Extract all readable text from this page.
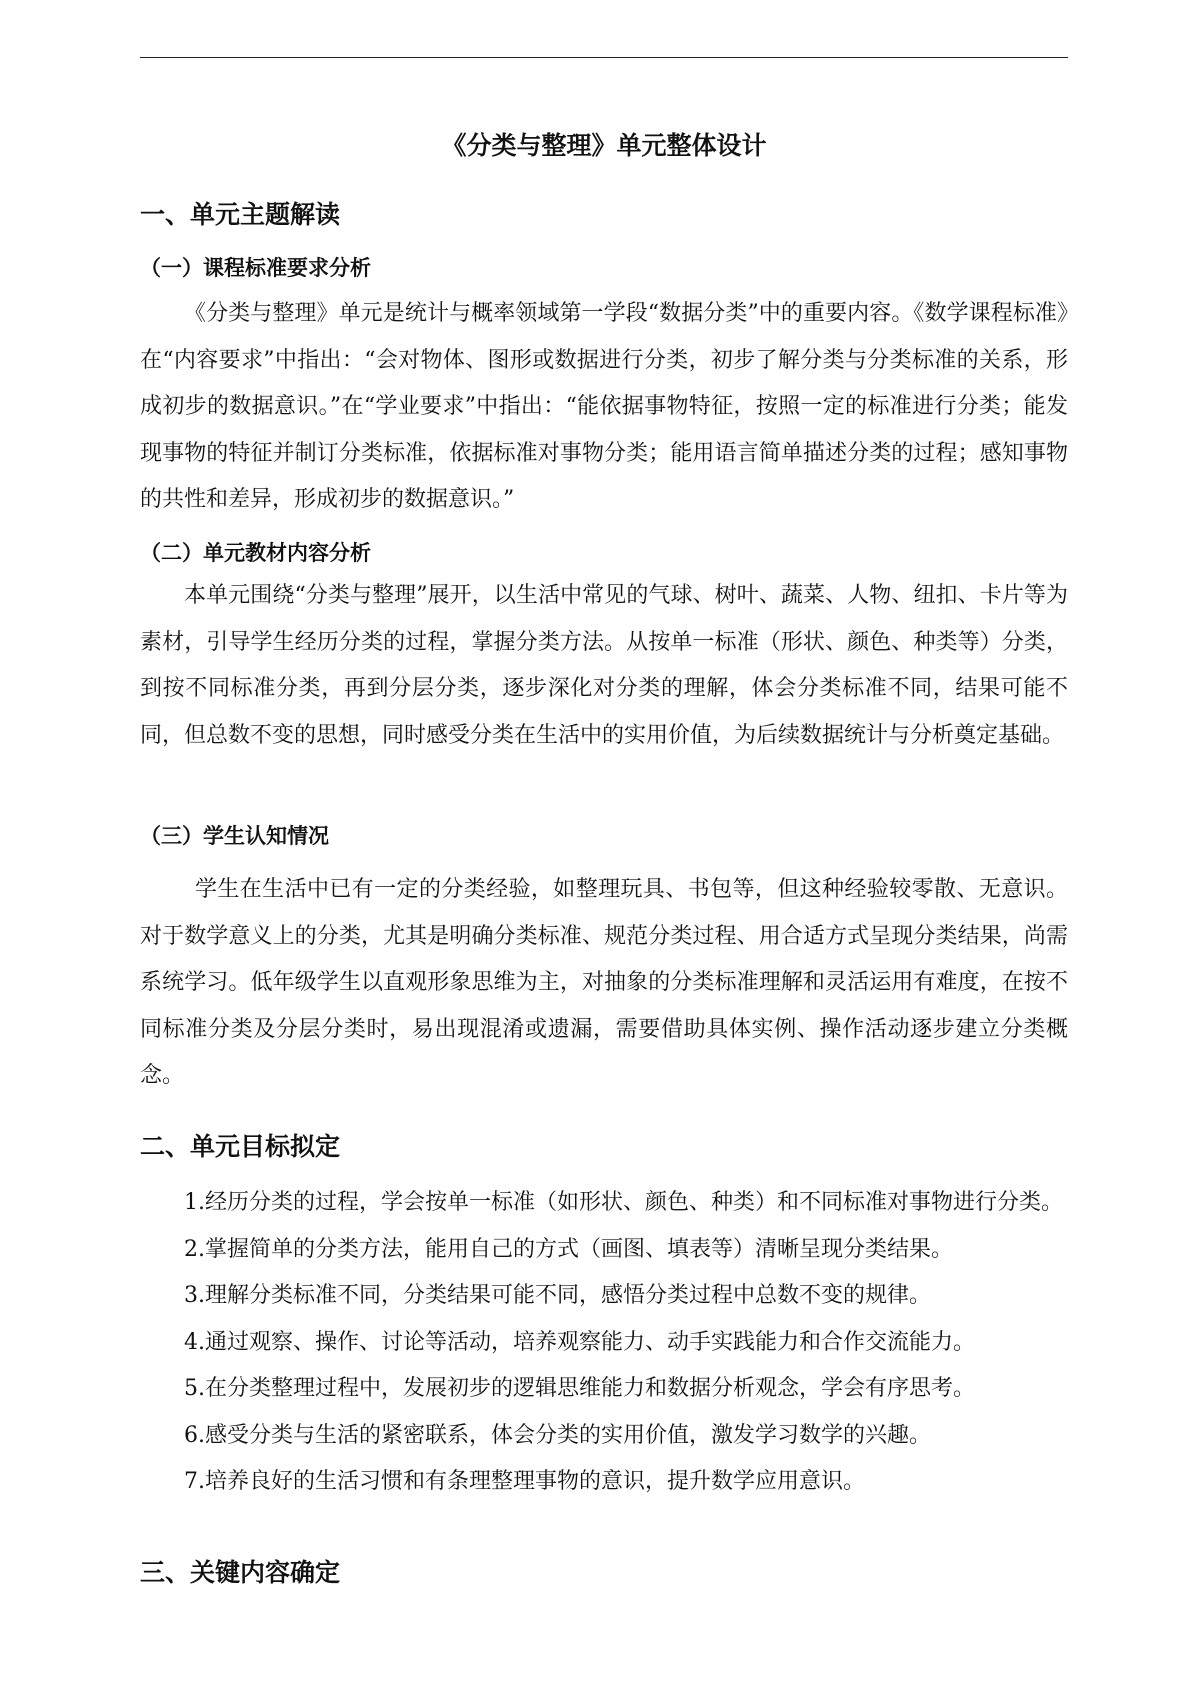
《分类与整理》单元整体设计
一、单元主题解读
（一）课程标准要求分析
《分类与整理》单元是统计与概率领域第一学段“数据分类”中的重要内容。《数学课程标准》在“内容要求”中指出：“会对物体、图形或数据进行分类，初步了解分类与分类标准的关系，形成初步的数据意识。”在“学业要求”中指出：“能依据事物特征，按照一定的标准进行分类；能发现事物的特征并制订分类标准，依据标准对事物分类；能用语言简单描述分类的过程；感知事物的共性和差异，形成初步的数据意识。”
（二）单元教材内容分析
本单元围绕“分类与整理”展开，以生活中常见的气球、树叶、蔬菜、人物、纽扣、卡片等为素材，引导学生经历分类的过程，掌握分类方法。从按单一标准（形状、颜色、种类等）分类，到按不同标准分类，再到分层分类，逐步深化对分类的理解，体会分类标准不同，结果可能不同，但总数不变的思想，同时感受分类在生活中的实用价值，为后续数据统计与分析奠定基础。
（三）学生认知情况
学生在生活中已有一定的分类经验，如整理玩具、书包等，但这种经验较零散、无意识。对于数学意义上的分类，尤其是明确分类标准、规范分类过程、用合适方式呈现分类结果，尚需系统学习。低年级学生以直观形象思维为主，对抽象的分类标准理解和灵活运用有难度，在按不同标准分类及分层分类时，易出现混淆或遗漏，需要借助具体实例、操作活动逐步建立分类概念。
二、单元目标拟定
1.经历分类的过程，学会按单一标准（如形状、颜色、种类）和不同标准对事物进行分类。
2.掌握简单的分类方法，能用自己的方式（画图、填表等）清晰呈现分类结果。
3.理解分类标准不同，分类结果可能不同，感悟分类过程中总数不变的规律。
4.通过观察、操作、讨论等活动，培养观察能力、动手实践能力和合作交流能力。
5.在分类整理过程中，发展初步的逻辑思维能力和数据分析观念，学会有序思考。
6.感受分类与生活的紧密联系，体会分类的实用价值，激发学习数学的兴趣。
7.培养良好的生活习惯和有条理整理事物的意识，提升数学应用意识。
三、关键内容确定
